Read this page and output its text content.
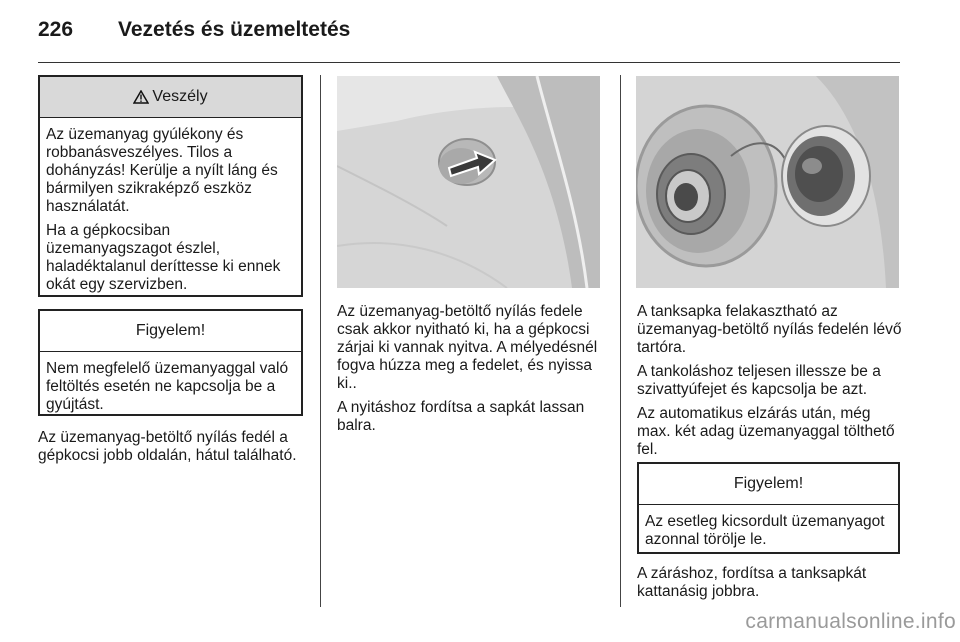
226 Vezetés és üzemeltetés
Veszély

Az üzemanyag gyúlékony és robbanásveszélyes. Tilos a dohányzás! Kerülje a nyílt láng és bármilyen szikraképző eszköz használatát.

Ha a gépkocsiban üzemanyagszagot észlel, haladéktalanul deríttesse ki ennek okát egy szervizben.

Figyelem!

Nem megfelelő üzemanyaggal való feltöltés esetén ne kapcsolja be a gyújtást.

Az üzemanyag-betöltő nyílás fedél a gépkocsi jobb oldalán, hátul található.

Az üzemanyag-betöltő nyílás fedele csak akkor nyitható ki, ha a gépkocsi zárjai ki vannak nyitva. A mélyedésnél fogva húzza meg a fedelet, és nyissa ki..

A nyitáshoz fordítsa a sapkát lassan balra.

A tanksapka felakasztható az üzemanyag-betöltő nyílás fedelén lévő tartóra.

A tankoláshoz teljesen illessze be a szivattyúfejet és kapcsolja be azt.

Az automatikus elzárás után, még max. két adag üzemanyaggal tölthető fel.

Figyelem!

Az esetleg kicsordult üzemanyagot azonnal törölje le.

A záráshoz, fordítsa a tanksapkát kattanásig jobbra.

carmanualsonline.info
